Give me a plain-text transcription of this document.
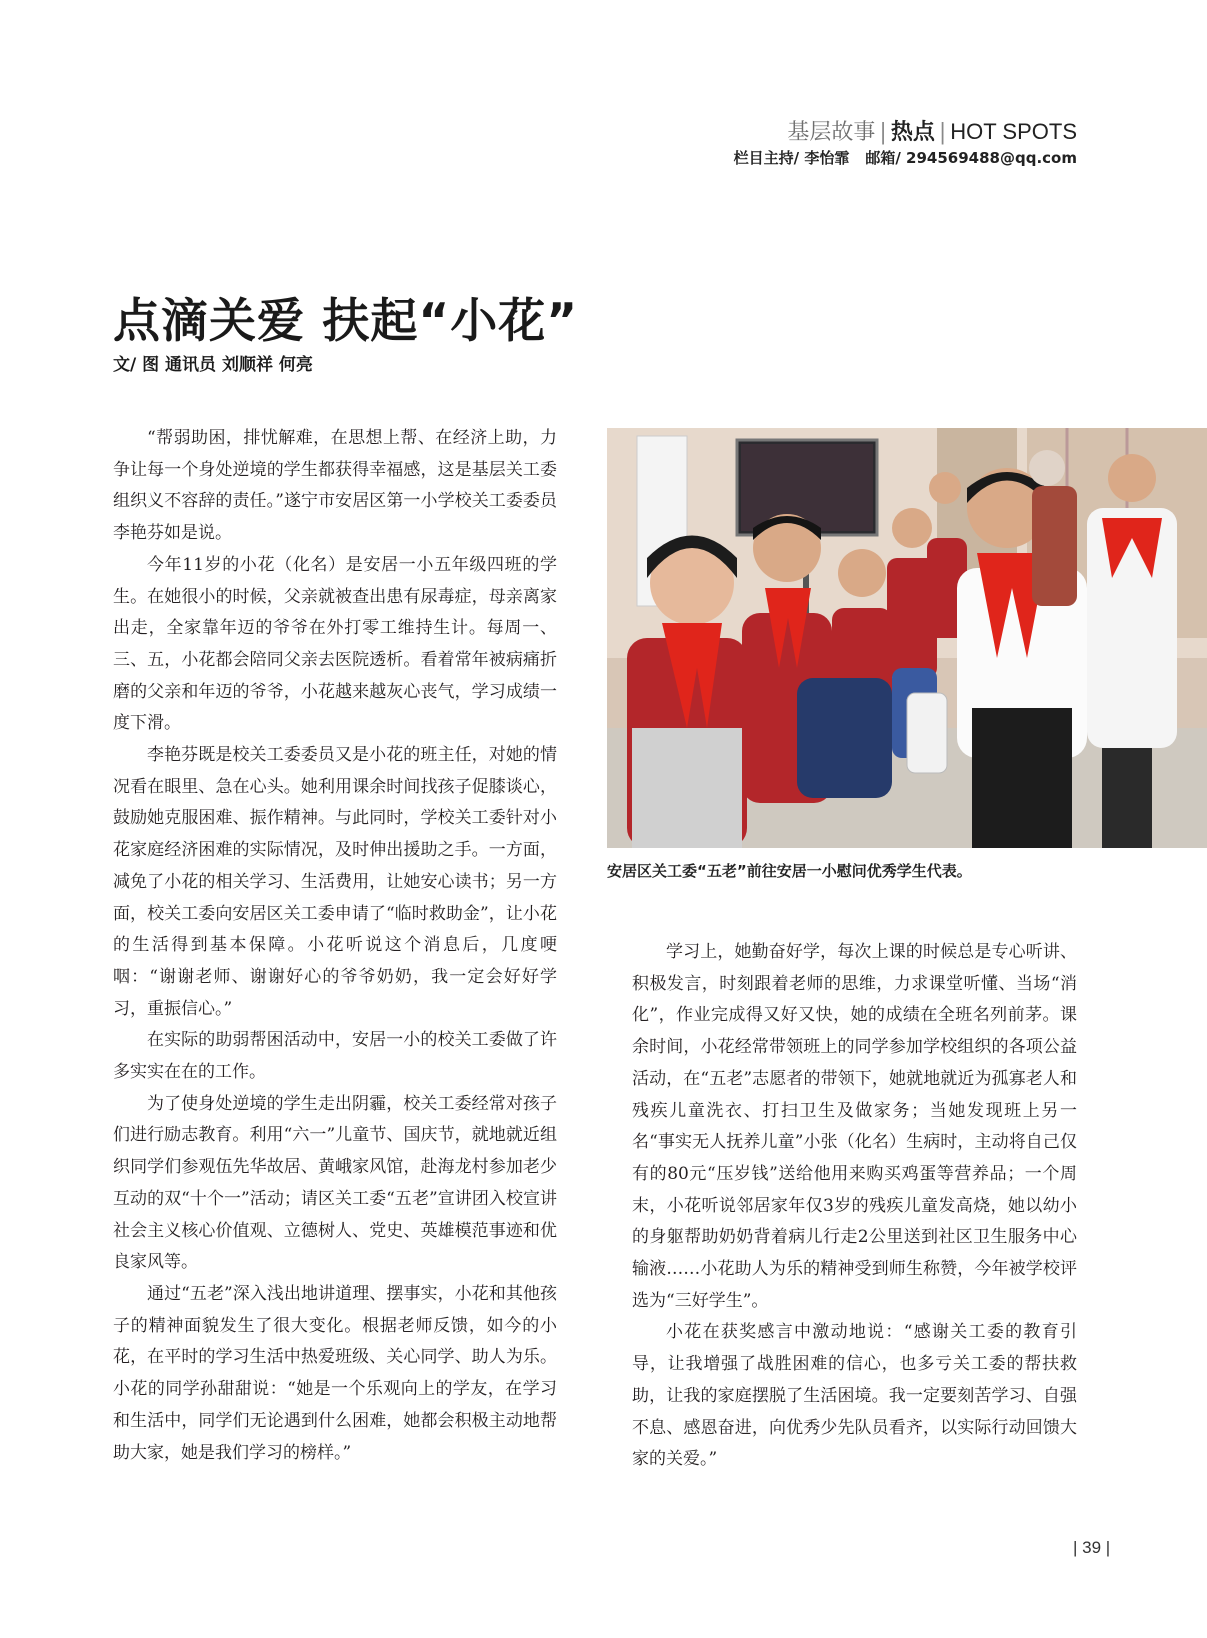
基层故事 | 热点 | HOT SPOTS
栏目主持/ 李怡霏 邮箱/ 294569488@qq.com
点滴关爱 扶起“小花”
文/ 图 通讯员 刘顺祥 何亮

“帮弱助困，排忧解难，在思想上帮、在经济上助，力争让每一个身处逆境的学生都获得幸福感，这是基层关工委组织义不容辞的责任。”遂宁市安居区第一小学校关工委委员李艳芬如是说。

今年11岁的小花（化名）是安居一小五年级四班的学生。在她很小的时候，父亲就被查出患有尿毒症，母亲离家出走，全家靠年迈的爷爷在外打零工维持生计。每周一、三、五，小花都会陪同父亲去医院透析。看着常年被病痛折磨的父亲和年迈的爷爷，小花越来越灰心丧气，学习成绩一度下滑。

李艳芬既是校关工委委员又是小花的班主任，对她的情况看在眼里、急在心头。她利用课余时间找孩子促膝谈心，鼓励她克服困难、振作精神。与此同时，学校关工委针对小花家庭经济困难的实际情况，及时伸出援助之手。一方面，减免了小花的相关学习、生活费用，让她安心读书；另一方面，校关工委向安居区关工委申请了“临时救助金”，让小花的生活得到基本保障。小花听说这个消息后，几度哽咽：“谢谢老师、谢谢好心的爷爷奶奶，我一定会好好学习，重振信心。”

在实际的助弱帮困活动中，安居一小的校关工委做了许多实实在在的工作。

为了使身处逆境的学生走出阴霾，校关工委经常对孩子们进行励志教育。利用“六一”儿童节、国庆节，就地就近组织同学们参观伍先华故居、黄峨家风馆，赴海龙村参加老少互动的双“十个一”活动；请区关工委“五老”宣讲团入校宣讲社会主义核心价值观、立德树人、党史、英雄模范事迹和优良家风等。

通过“五老”深入浅出地讲道理、摆事实，小花和其他孩子的精神面貌发生了很大变化。根据老师反馈，如今的小花，在平时的学习生活中热爱班级、关心同学、助人为乐。小花的同学孙甜甜说：“她是一个乐观向上的学友，在学习和生活中，同学们无论遇到什么困难，她都会积极主动地帮助大家，她是我们学习的榜样。”

安居区关工委“五老”前往安居一小慰问优秀学生代表。

学习上，她勤奋好学，每次上课的时候总是专心听讲、积极发言，时刻跟着老师的思维，力求课堂听懂、当场“消化”，作业完成得又好又快，她的成绩在全班名列前茅。课余时间，小花经常带领班上的同学参加学校组织的各项公益活动，在“五老”志愿者的带领下，她就地就近为孤寡老人和残疾儿童洗衣、打扫卫生及做家务；当她发现班上另一名“事实无人抚养儿童”小张（化名）生病时，主动将自己仅有的80元“压岁钱”送给他用来购买鸡蛋等营养品；一个周末，小花听说邻居家年仅3岁的残疾儿童发高烧，她以幼小的身躯帮助奶奶背着病儿行走2公里送到社区卫生服务中心输液……小花助人为乐的精神受到师生称赞，今年被学校评选为“三好学生”。

小花在获奖感言中激动地说：“感谢关工委的教育引导，让我增强了战胜困难的信心，也多亏关工委的帮扶救助，让我的家庭摆脱了生活困境。我一定要刻苦学习、自强不息、感恩奋进，向优秀少先队员看齐，以实际行动回馈大家的关爱。”

| 39 |
